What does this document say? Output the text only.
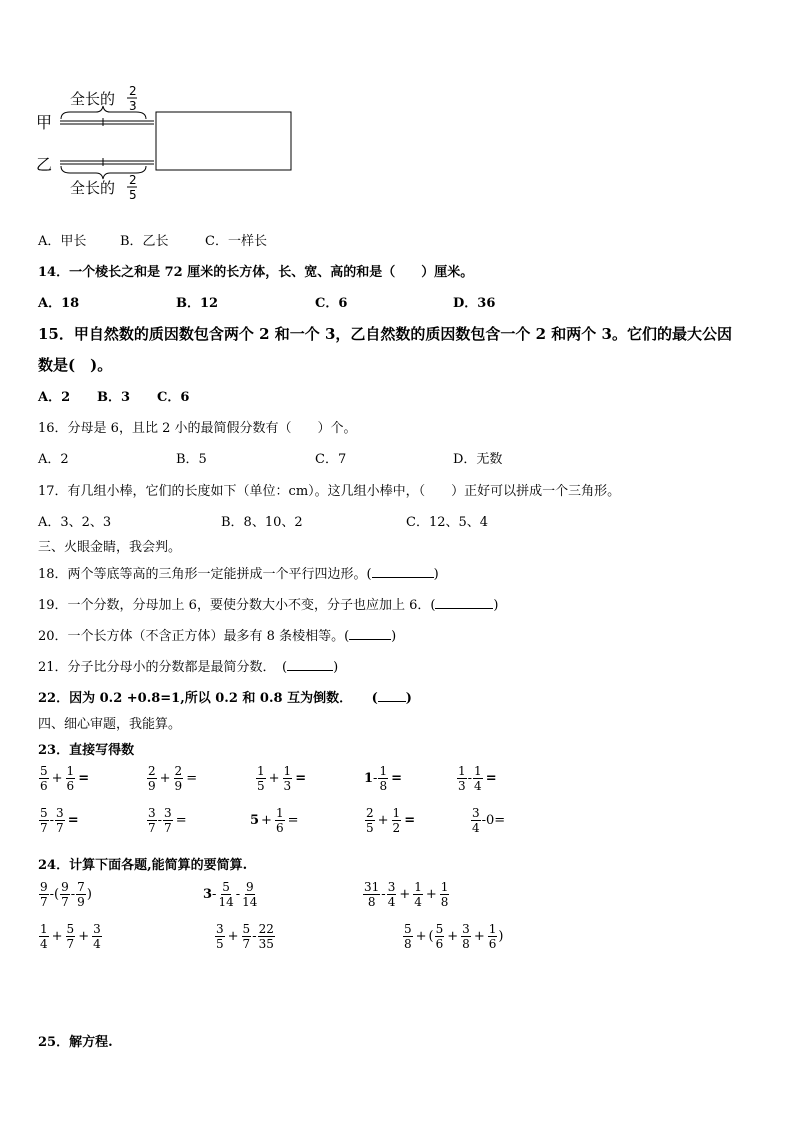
甲
乙
全长的 2
3
全长的 2
5
A．甲长	B．乙长	C．一样长
14．一个棱长之和是 72 厘米的长方体，长、宽、高的和是（　　）厘米。
A．18	B．12	C．6	D．36
15．甲自然数的质因数包含两个 2 和一个 3，乙自然数的质因数包含一个 2 和两个 3。它们的最大公因
数是(　)。
A．2 B．3 C．6
16．分母是 6，且比 2 小的最简假分数有（　　）个。
A．2	B．5	C．7	D．无数
17．有几组小棒，它们的长度如下（单位：cm）。这几组小棒中，（　　）正好可以拼成一个三角形。
A．3、2、3	B．8、10、2	C．12、5、4
三、火眼金睛，我会判。
18．两个等底等高的三角形一定能拼成一个平行四边形。(	)
19．一个分数，分母加上 6，要使分数大小不变，分子也应加上 6．(	)
20．一个长方体（不含正方体）最多有 8 条棱相等。(	)
21．分子比分母小的分数都是最简分数．　(	)
22．因为 0.2 +0.8=1,所以 0.2 和 0.8 互为倒数．　　( )
四、细心审题，我能算。
23．直接写得数
$\frac{5}{6} + \frac{1}{6}$ =	$\frac{2}{9} + \frac{2}{9}$ =	$\frac{1}{5} + \frac{1}{3}$ =	$1 - \frac{1}{8}$ =	$\frac{1}{3} - \frac{1}{4}$ =
$\frac{5}{7} - \frac{3}{7}$ =	$\frac{3}{7} - \frac{3}{7}$ =	$5 + \frac{1}{6}$ =	$\frac{2}{5} + \frac{1}{2}$ =	$\frac{3}{4} -0=$
24．计算下面各题,能简算的要简算.
$\frac{9}{7}$ - ( $\frac{9}{7} - \frac{7}{9}$ )	$3 - \frac{5}{14} - \frac{9}{14}$	$\frac{31}{8} - \frac{3}{4} + \frac{1}{4} + \frac{1}{8}$
$\frac{1}{4} + \frac{5}{7} + \frac{3}{4}$	$\frac{3}{5} + \frac{5}{7} - \frac{22}{35}$	$\frac{5}{8}$ + ( $\frac{5}{6} + \frac{3}{8} + \frac{1}{6}$ )
25．解方程.
